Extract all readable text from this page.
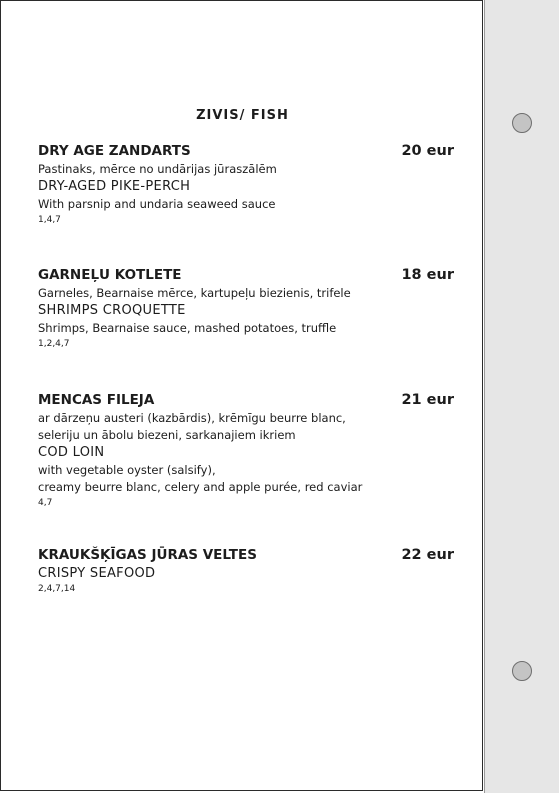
ZIVIS/ FISH
DRY AGE ZANDARTS	20 eur
Pastinaks, mērce no undārijas jūraszālēm
DRY-AGED PIKE-PERCH
With parsnip and undaria seaweed sauce
1,4,7
GARNEĻU KOTLETE	18 eur
Garneles, Bearnaise mērce, kartupeļu biezienis, trifele
SHRIMPS CROQUETTE
Shrimps, Bearnaise sauce, mashed potatoes, truffle
1,2,4,7
MENCAS FILEJA	21 eur
ar dārzeņu austeri (kazbārdis), krēmīgu beurre blanc,
seleriju un ābolu biezeni, sarkanajiem ikriem
COD LOIN
with vegetable oyster (salsify),
creamy beurre blanc, celery and apple purée, red caviar
4,7
KRAUKŠĶĪGAS JŪRAS VELTES	22 eur
CRISPY SEAFOOD
2,4,7,14
